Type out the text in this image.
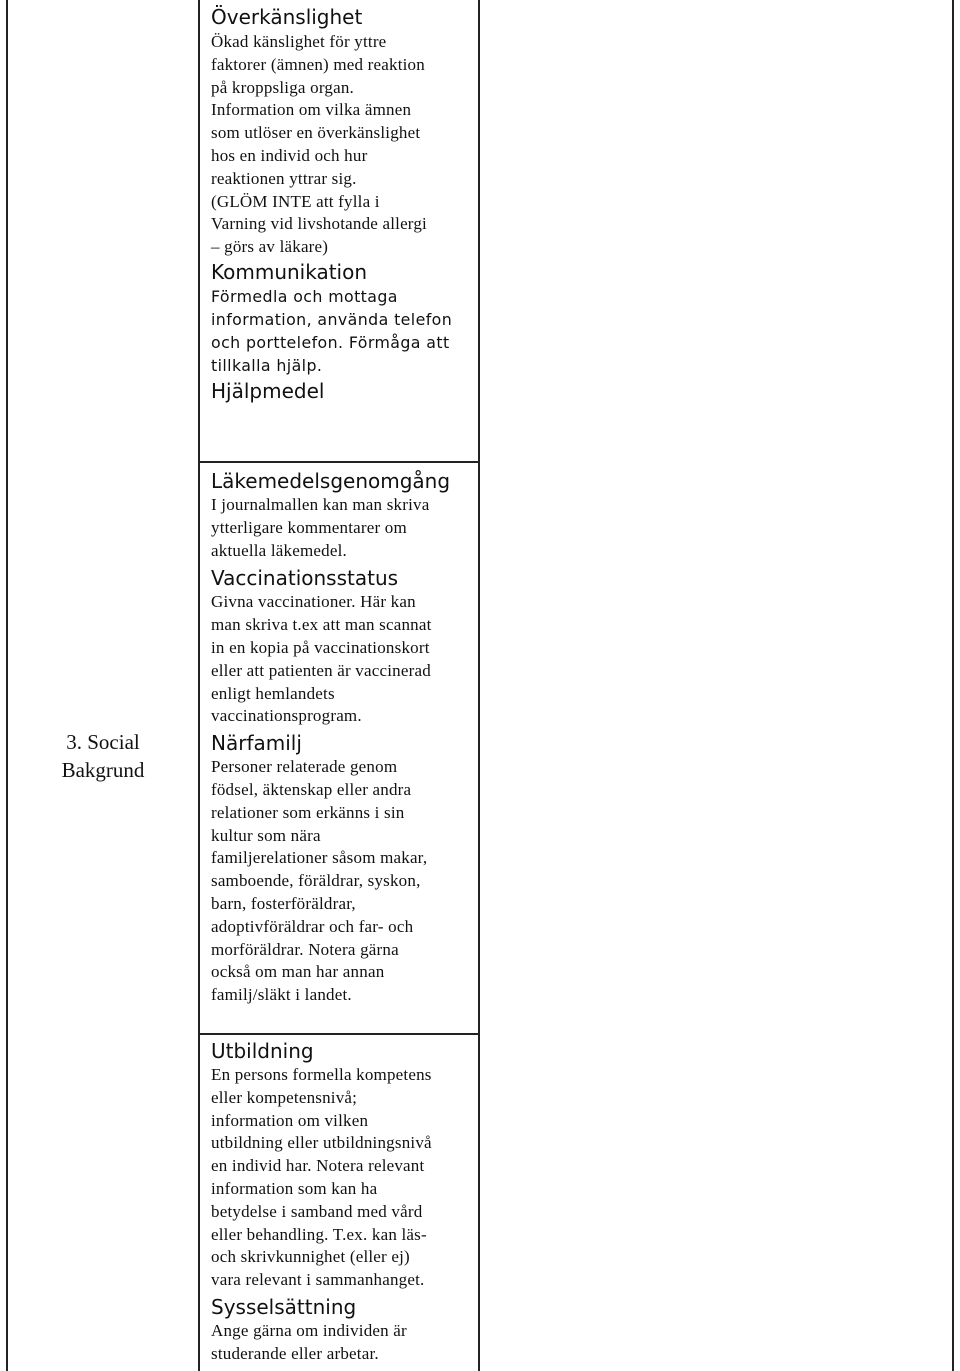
3. Social
Bakgrund
Överkänslighet
Ökad känslighet för yttre
faktorer (ämnen) med reaktion
på kroppsliga organ.
Information om vilka ämnen
som utlöser en överkänslighet
hos en individ och hur
reaktionen yttrar sig.
(GLÖM INTE att fylla i
Varning vid livshotande allergi
– görs av läkare)
Kommunikation
Förmedla och mottaga
information, använda telefon
och porttelefon. Förmåga att
tillkalla hjälp.
Hjälpmedel
Läkemedelsgenomgång
I journalmallen kan man skriva
ytterligare kommentarer om
aktuella läkemedel.
Vaccinationsstatus
Givna vaccinationer. Här kan
man skriva t.ex att man scannat
in en kopia på vaccinationskort
eller att patienten är vaccinerad
enligt hemlandets
vaccinationsprogram.
Närfamilj
Personer relaterade genom
födsel, äktenskap eller andra
relationer som erkänns i sin
kultur som nära
familjerelationer såsom makar,
samboende, föräldrar, syskon,
barn, fosterföräldrar,
adoptivföräldrar och far- och
morföräldrar. Notera gärna
också om man har annan
familj/släkt i landet.
Utbildning
En persons formella kompetens
eller kompetensnivå;
information om vilken
utbildning eller utbildningsnivå
en individ har. Notera relevant
information som kan ha
betydelse i samband med vård
eller behandling. T.ex. kan läs-
och skrivkunnighet (eller ej)
vara relevant i sammanhanget.
Sysselsättning
Ange gärna om individen är
studerande eller arbetar.
